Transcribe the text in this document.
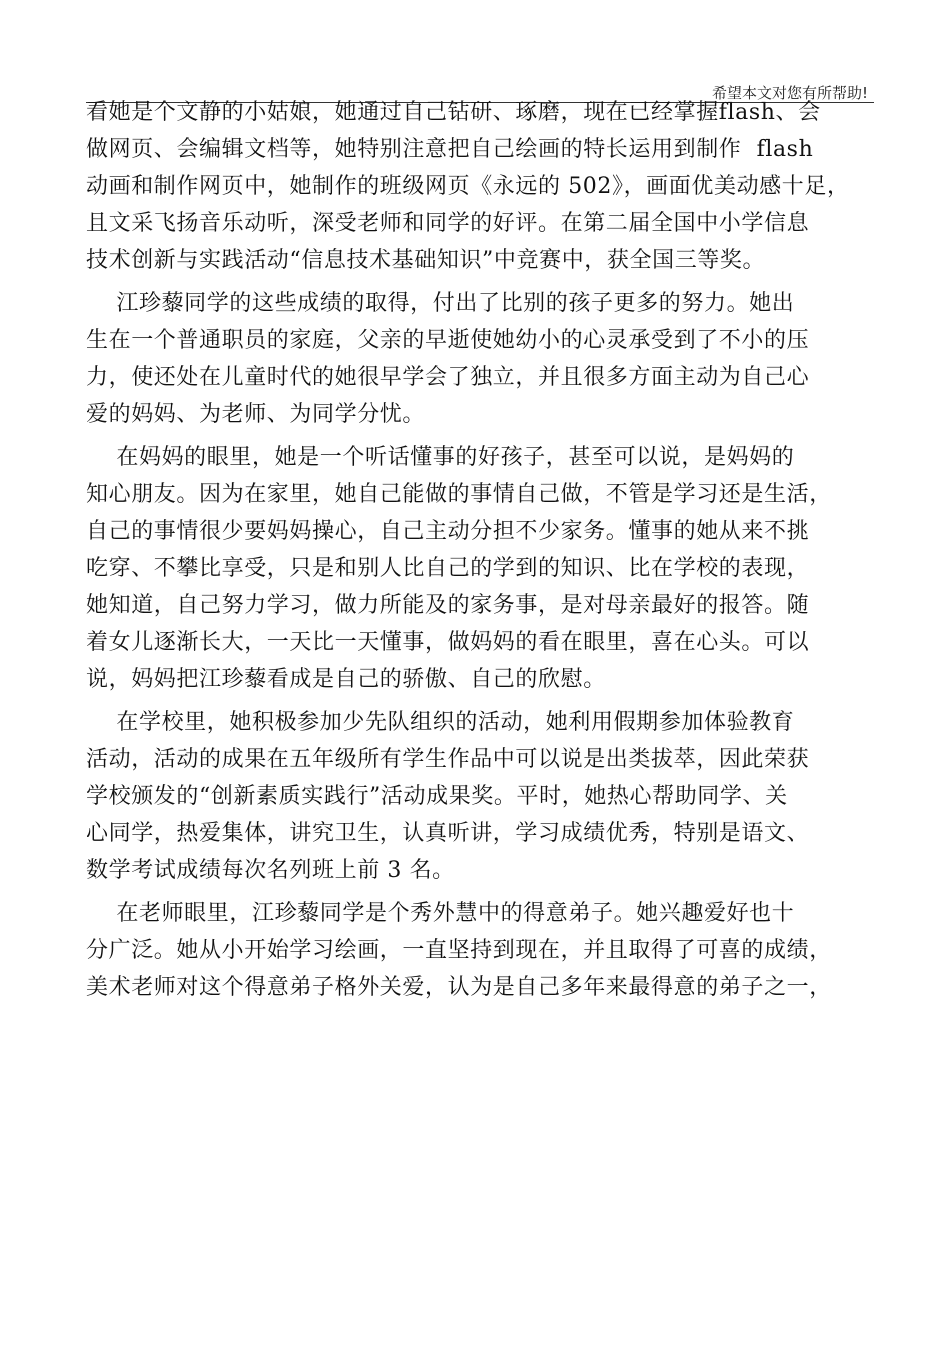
希望本文对您有所帮助!
看她是个文静的小姑娘，她通过自己钻研、琢磨，现在已经掌握flash、会
做网页、会编辑文档等，她特别注意把自己绘画的特长运用到制作  flash
动画和制作网页中，她制作的班级网页《永远的 502》，画面优美动感十足，
且文采飞扬音乐动听，深受老师和同学的好评。在第二届全国中小学信息
技术创新与实践活动“信息技术基础知识”中竞赛中，获全国三等奖。
江珍藜同学的这些成绩的取得，付出了比别的孩子更多的努力。她出
生在一个普通职员的家庭，父亲的早逝使她幼小的心灵承受到了不小的压
力，使还处在儿童时代的她很早学会了独立，并且很多方面主动为自己心
爱的妈妈、为老师、为同学分忧。
在妈妈的眼里，她是一个听话懂事的好孩子，甚至可以说，是妈妈的
知心朋友。因为在家里，她自己能做的事情自己做，不管是学习还是生活，
自己的事情很少要妈妈操心，自己主动分担不少家务。懂事的她从来不挑
吃穿、不攀比享受，只是和别人比自己的学到的知识、比在学校的表现，
她知道，自己努力学习，做力所能及的家务事，是对母亲最好的报答。随
着女儿逐渐长大，一天比一天懂事，做妈妈的看在眼里，喜在心头。可以
说，妈妈把江珍藜看成是自己的骄傲、自己的欣慰。
在学校里，她积极参加少先队组织的活动，她利用假期参加体验教育
活动，活动的成果在五年级所有学生作品中可以说是出类拔萃，因此荣获
学校颁发的“创新素质实践行”活动成果奖。平时，她热心帮助同学、关
心同学，热爱集体，讲究卫生，认真听讲，学习成绩优秀，特别是语文、
数学考试成绩每次名列班上前 3 名。
在老师眼里，江珍藜同学是个秀外慧中的得意弟子。她兴趣爱好也十
分广泛。她从小开始学习绘画，一直坚持到现在，并且取得了可喜的成绩，
美术老师对这个得意弟子格外关爱，认为是自己多年来最得意的弟子之一，
